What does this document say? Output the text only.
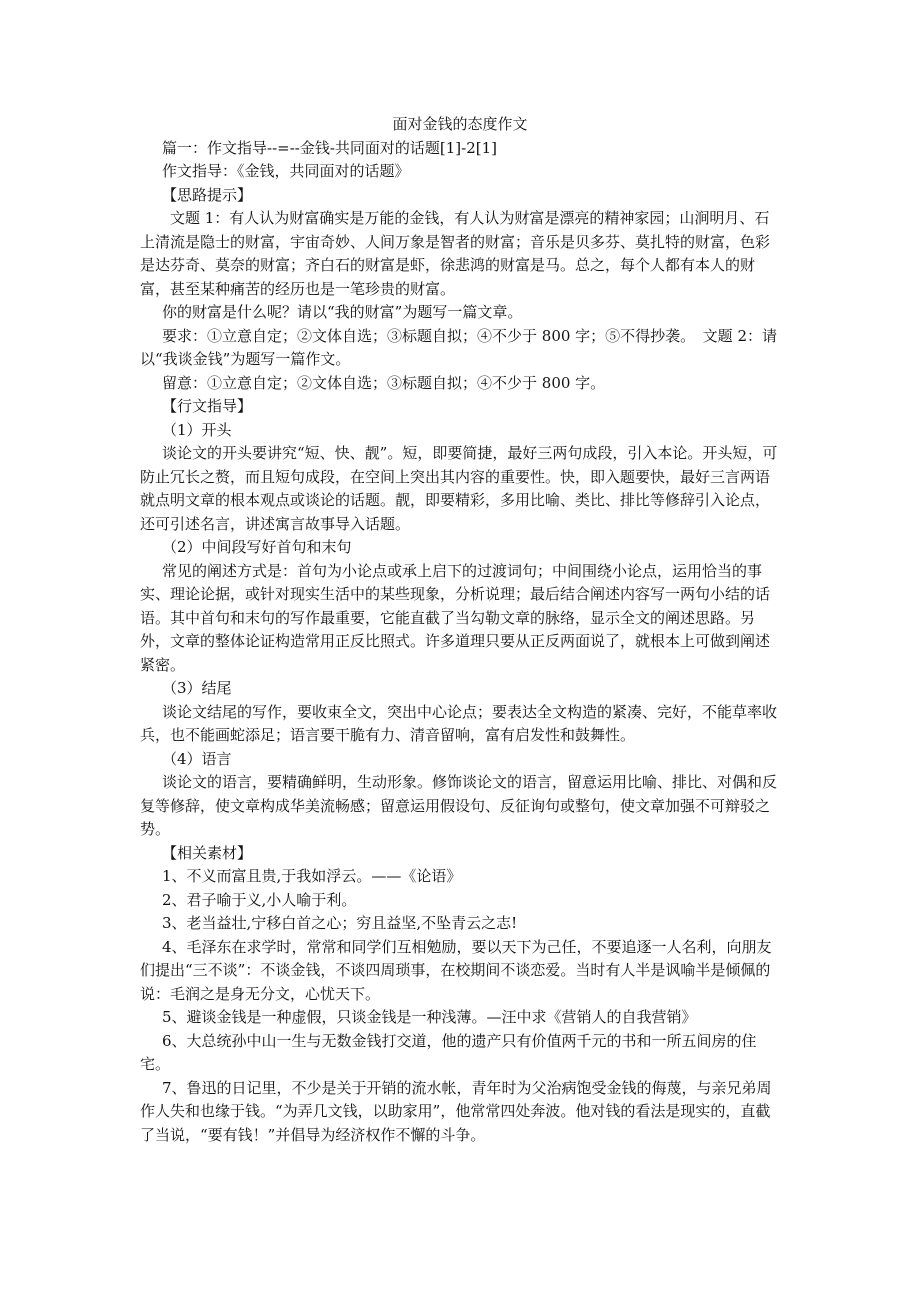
面对金钱的态度作文

篇一：作文指导--=--金钱-共同面对的话题[1]-2[1]

作文指导：《金钱，共同面对的话题》

【思路提示】

文题 1：有人认为财富确实是万能的金钱，有人认为财富是漂亮的精神家园；山涧明月、石上清流是隐士的财富，宇宙奇妙、人间万象是智者的财富；音乐是贝多芬、莫扎特的财富，色彩是达芬奇、莫奈的财富；齐白石的财富是虾，徐悲鸿的财富是马。总之，每个人都有本人的财富，甚至某种痛苦的经历也是一笔珍贵的财富。

你的财富是什么呢？请以“我的财富”为题写一篇文章。

要求：①立意自定；②文体自选；③标题自拟；④不少于 800 字；⑤不得抄袭。　文题 2：请以“我谈金钱”为题写一篇作文。

留意：①立意自定；②文体自选；③标题自拟；④不少于 800 字。

【行文指导】

（1）开头

谈论文的开头要讲究“短、快、靓”。短，即要简捷，最好三两句成段，引入本论。开头短，可防止冗长之赘，而且短句成段，在空间上突出其内容的重要性。快，即入题要快，最好三言两语就点明文章的根本观点或谈论的话题。靓，即要精彩，多用比喻、类比、排比等修辞引入论点，还可引述名言，讲述寓言故事导入话题。

（2）中间段写好首句和末句

常见的阐述方式是：首句为小论点或承上启下的过渡词句；中间围绕小论点，运用恰当的事实、理论论据，或针对现实生活中的某些现象，分析说理；最后结合阐述内容写一两句小结的话语。其中首句和末句的写作最重要，它能直截了当勾勒文章的脉络，显示全文的阐述思路。另外，文章的整体论证构造常用正反比照式。许多道理只要从正反两面说了，就根本上可做到阐述紧密。

（3）结尾

谈论文结尾的写作，要收束全文，突出中心论点；要表达全文构造的紧凑、完好，不能草率收兵，也不能画蛇添足；语言要干脆有力、清音留响，富有启发性和鼓舞性。

（4）语言

谈论文的语言，要精确鲜明，生动形象。修饰谈论文的语言，留意运用比喻、排比、对偶和反复等修辞，使文章构成华美流畅感；留意运用假设句、反征询句或整句，使文章加强不可辩驳之势。

【相关素材】

1、不义而富且贵,于我如浮云。——《论语》

2、君子喻于义,小人喻于利。

3、老当益壮,宁移白首之心；穷且益坚,不坠青云之志!

4、毛泽东在求学时，常常和同学们互相勉励，要以天下为己任，不要追逐一人名利，向朋友们提出“三不谈”：不谈金钱，不谈四周琐事，在校期间不谈恋爱。当时有人半是讽喻半是倾佩的说：毛润之是身无分文，心忧天下。

5、避谈金钱是一种虚假，只谈金钱是一种浅薄。—汪中求《营销人的自我营销》

6、大总统孙中山一生与无数金钱打交道，他的遗产只有价值两千元的书和一所五间房的住宅。

7、鲁迅的日记里，不少是关于开销的流水帐，青年时为父治病饱受金钱的侮蔑，与亲兄弟周作人失和也缘于钱。“为弄几文钱，以助家用”，他常常四处奔波。他对钱的看法是现实的，直截了当说，“要有钱！”并倡导为经济权作不懈的斗争。
